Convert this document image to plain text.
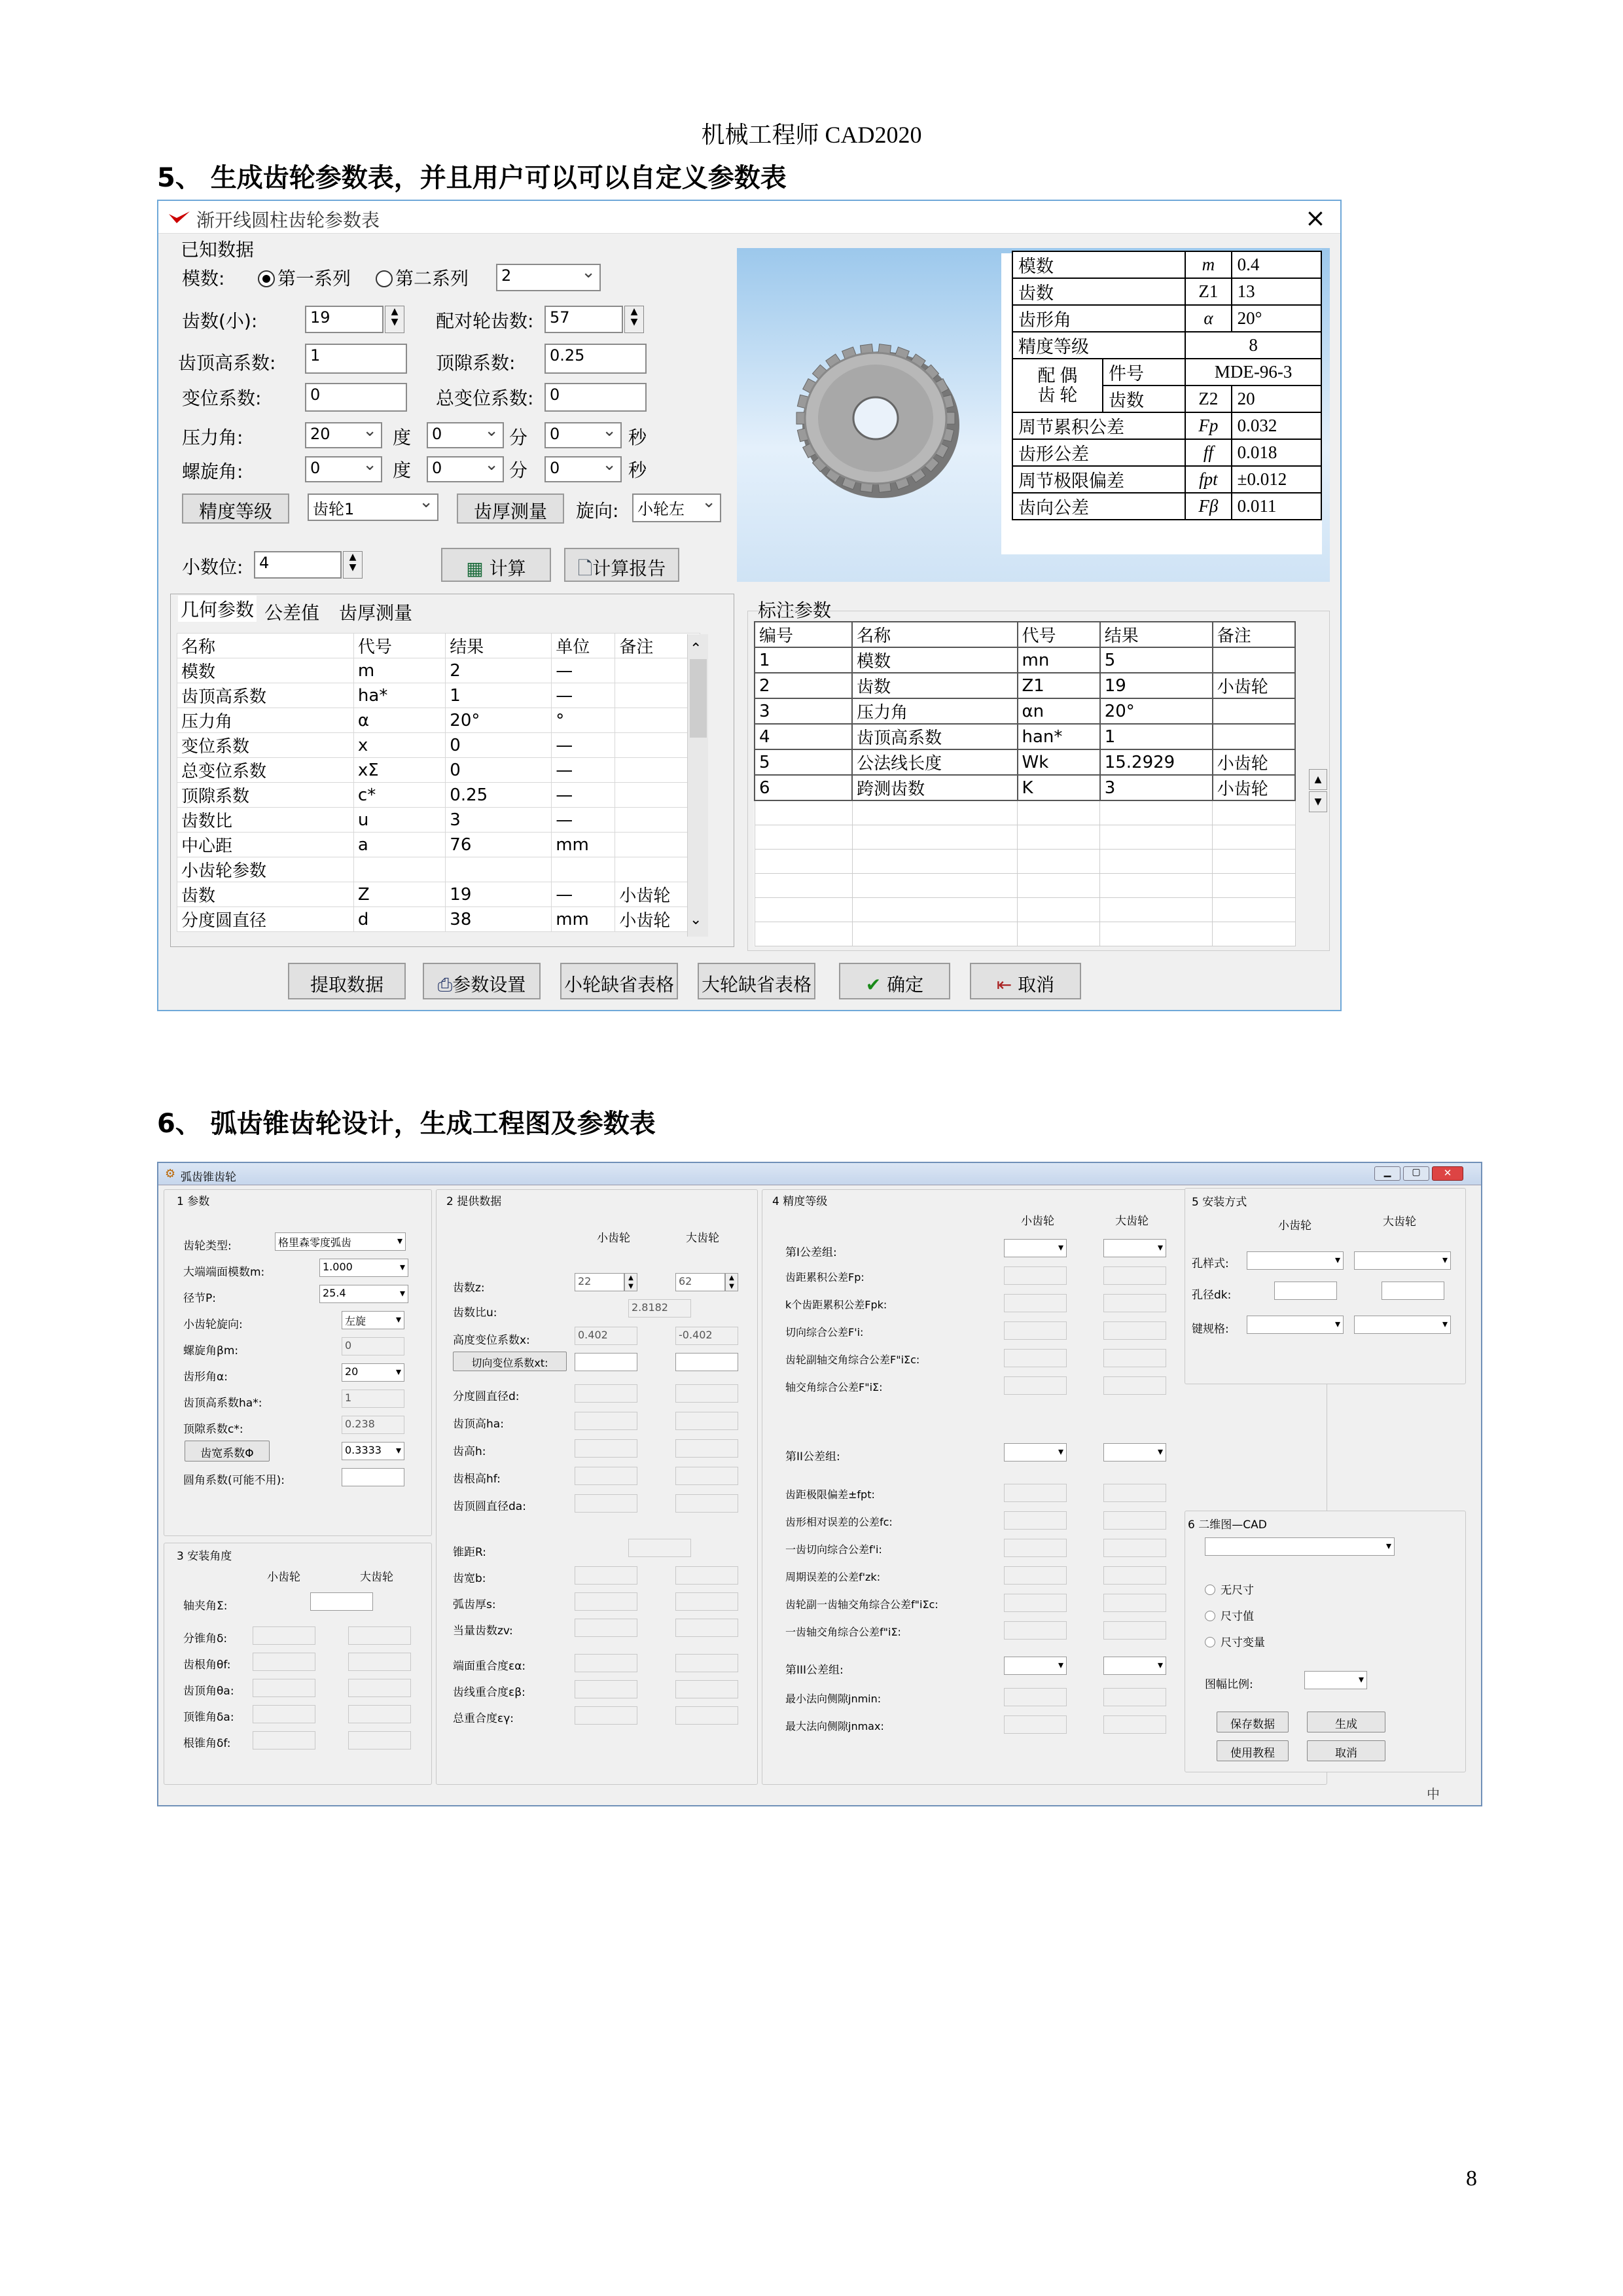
机械工程师 CAD2020
5、 生成齿轮参数表，并且用户可以可以自定义参数表
6、 弧齿锥齿轮设计，生成工程图及参数表
8
渐开线圆柱齿轮参数表	×
已知数据
模数:	第一系列	第二系列	2 ⌄
齿数(小):	19	▲
▼	配对轮齿数:	57	▲
▼
齿顶高系数:	1	顶隙系数:	0.25
变位系数:	0	总变位系数:	0
压力角:	20 ⌄	度	0 ⌄	分	0 ⌄	秒
螺旋角:	0 ⌄	度	0 ⌄	分	0 ⌄	秒
精度等级	齿轮1 ⌄	齿厚测量	旋向:	小轮左 ⌄
小数位:	4	▲
▼	▦ 计算	🗋计算报告
模数		m	0.4
齿数		Z1	13
齿形角		α	20°
精度等级		8	
配 偶
齿 轮	件号	MDE-96-3	
	齿数	Z2	20
周节累积公差		Fp	0.032
齿形公差		ff	0.018
周节极限偏差		fpt	±0.012
齿向公差		Fβ	0.011
几何参数 公差值 齿厚测量
名称	代号	结果	单位	备注
模数	m	2	—	
齿顶高系数	ha*	1	—	
压力角	α	20°	°	
变位系数	x	0	—	
总变位系数	xΣ	0	—	
顶隙系数	c*	0.25	—	
齿数比	u	3	—	
中心距	a	76	mm	
小齿轮参数				
齿数	Z	19	—	小齿轮
分度圆直径	d	38	mm	小齿轮
⌃
⌄
标注参数
编号	名称	代号	结果	备注
1	模数	mn	5	
2	齿数	Z1	19	小齿轮
3	压力角	αn	20°	
4	齿顶高系数	han*	1	
5	公法线长度	Wk	15.2929	小齿轮
6	跨测齿数	K	3	小齿轮

					▲
▼
提取数据	⎙参数设置	小轮缺省表格 大轮缺省表格	✔ 确定	⇤ 取消
⚙ 弧齿锥齿轮	▁	▢	✕
1 参数
齿轮类型:	格里森零度弧齿 ▾
大端端面模数m:	1.000 ▾
径节P:	25.4 ▾
小齿轮旋向:	左旋 ▾
螺旋角βm:	0
齿形角α:	20 ▾
齿顶高系数ha*:	1
顶隙系数c*:	0.238
齿宽系数Φ	0.3333 ▾
圆角系数(可能不用):
3 安装角度
小齿轮	大齿轮
轴夹角Σ:
分锥角δ:
齿根角θf:
齿顶角θa:
顶锥角δa:
根锥角δf:
2 提供数据
小齿轮	大齿轮
齿数z:
22	▲
▼	62	▲
▼
齿数比u:	2.8182
高度变位系数x:	0.402	-0.402
切向变位系数xt:
分度圆直径d:
齿顶高ha:
齿高h:
齿根高hf:
齿顶圆直径da:
齿宽b:
弧齿厚s:
当量齿数zv:
端面重合度εα:
齿线重合度εβ:
总重合度εγ:
锥距R:
4 精度等级
小齿轮	大齿轮
第I公差组:
▾
▾
齿距累积公差Fp:
k个齿距累积公差Fpk:
切向综合公差F'i:
齿轮副轴交角综合公差F"iΣc:
轴交角综合公差F"iΣ:
第II公差组:
▾
▾
齿距极限偏差±fpt:
齿形相对误差的公差fc:
一齿切向综合公差f'i:
周期误差的公差f'zk:
齿轮副一齿轴交角综合公差f"iΣc:
一齿轴交角综合公差f"iΣ:
第III公差组:
▾
▾
最小法向侧隙jnmin:
最大法向侧隙jnmax:
5 安装方式
小齿轮	大齿轮
孔样式:
▾
▾
孔径dk:
键规格:
▾
▾
6 二维图—CAD
▾
无尺寸
尺寸值
尺寸变量
图幅比例:
▾
保存数据	生成
使用教程	取消
中
